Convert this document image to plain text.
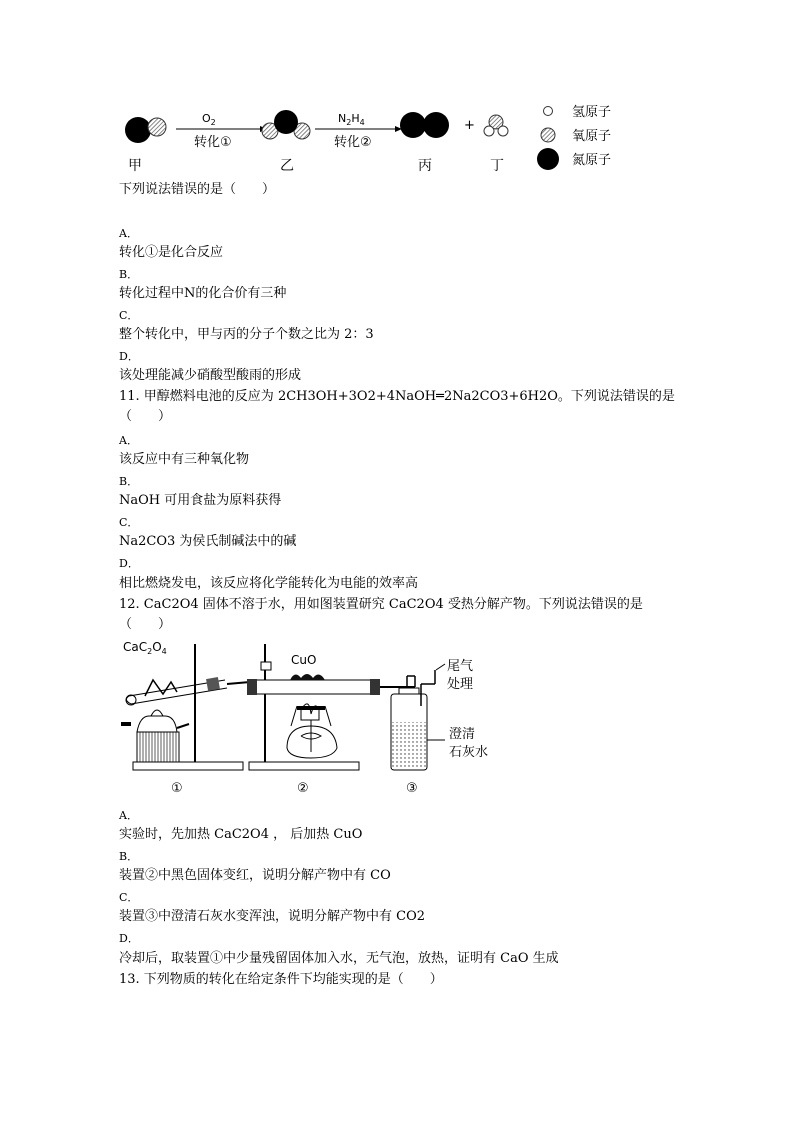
$O_2$
转化①
$N_2H_4$
转化②
+
甲	乙	丙	丁
氢原子
氧原子
氮原子
下列说法错误的是（　　）
A．
转化①是化合反应
B．
转化过程中N的化合价有三种
C．
整个转化中，甲与丙的分子个数之比为 2：3
D．
该处理能减少硝酸型酸雨的形成
11. 甲醇燃料电池的反应为 2CH3OH+3O2+4NaOH═2Na2CO3+6H2O。下列说法错误的是
（　　）
A．
该反应中有三种氧化物
B．
NaOH 可用食盐为原料获得
C．
Na2CO3 为侯氏制碱法中的碱
D．
相比燃烧发电，该反应将化学能转化为电能的效率高
12. CaC2O4 固体不溶于水，用如图装置研究 CaC2O4 受热分解产物。下列说法错误的是
（　　）
$CaC_2O_4$
CuO	尾气
处理
澄清
石灰水
①	②	③
A．
实验时，先加热 CaC2O4 ， 后加热 CuO
B．
装置②中黑色固体变红，说明分解产物中有 CO
C．
装置③中澄清石灰水变浑浊，说明分解产物中有 CO2
D．
冷却后，取装置①中少量残留固体加入水，无气泡，放热，证明有 CaO 生成
13. 下列物质的转化在给定条件下均能实现的是（　　）
